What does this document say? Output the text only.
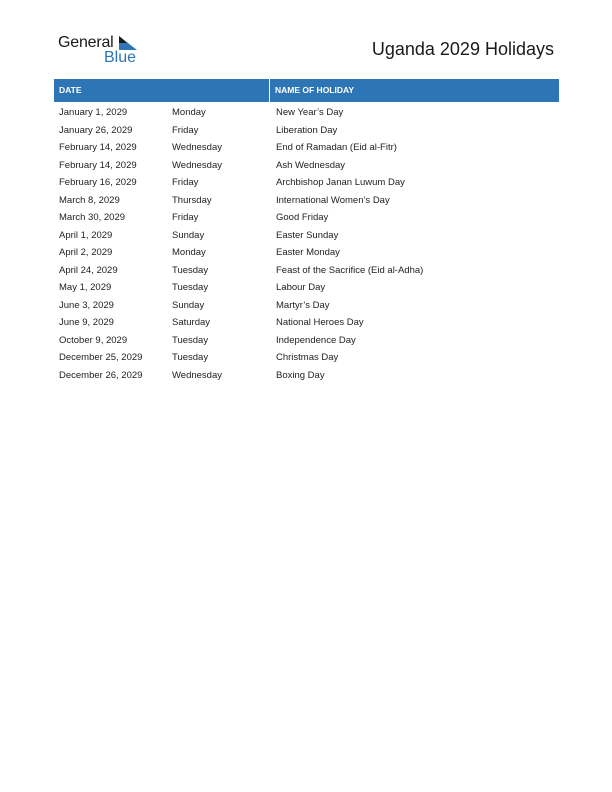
General
Blue	Uganda 2029 Holidays
DATE	NAME OF HOLIDAY
January 1, 2029	Monday	New Year’s Day
January 26, 2029	Friday	Liberation Day
February 14, 2029	Wednesday	End of Ramadan (Eid al-Fitr)
February 14, 2029	Wednesday	Ash Wednesday
February 16, 2029	Friday	Archbishop Janan Luwum Day
March 8, 2029	Thursday	International Women’s Day
March 30, 2029	Friday	Good Friday
April 1, 2029	Sunday	Easter Sunday
April 2, 2029	Monday	Easter Monday
April 24, 2029	Tuesday	Feast of the Sacrifice (Eid al-Adha)
May 1, 2029	Tuesday	Labour Day
June 3, 2029	Sunday	Martyr’s Day
June 9, 2029	Saturday	National Heroes Day
October 9, 2029	Tuesday	Independence Day
December 25, 2029	Tuesday	Christmas Day
December 26, 2029	Wednesday	Boxing Day
